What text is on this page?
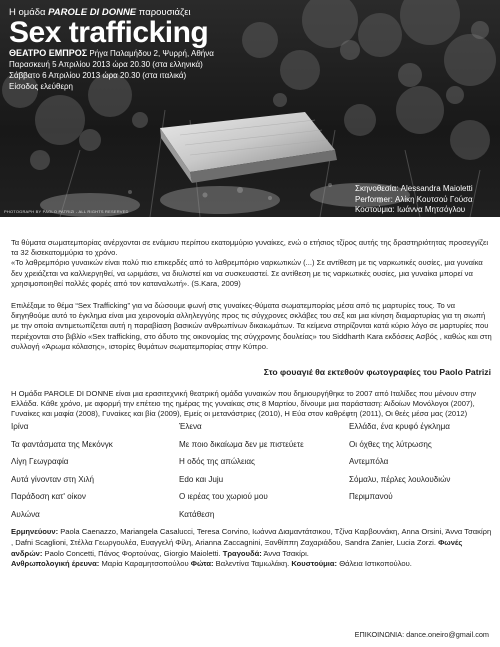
Η ομάδα PAROLE DI DONNE παρουσιάζει
Sex trafficking
ΘΕΑΤΡΟ ΕΜΠΡΟΣ Ρήγα Παλαμήδου 2, Ψυρρή, Αθήνα
Παρασκευή 5 Απριλίου 2013 ώρα 20.30 (στα ελληνικά)
Σάββατο 6 Απριλίου 2013 ώρα 20.30 (στα ιταλικά)
Είσοδος ελεύθερη
Σκηνοθεσία: Alessandra Maioletti
Performer: Αλίκη Κουτσού Γούσα
Κοστούμια: Ιωάννα Μητσόγλου
PHOTOGRAPH BY PAOLO PATRIZI - ALL RIGHTS RESERVED
Τα θύματα σωματεμπορίας ανέρχονται σε ενάμισυ περίπου εκατομμύριο γυναίκες, ενώ ο ετήσιος τζίρος αυτής της δραστηριότητας προσεγγίζει τα 32 δισεκατομμύρια το χρόνο.
«Το λαθρεμπόριο γυναικών είναι πολύ πιο επικερδές από το λαθρεμπόριο ναρκωτικών (...) Σε αντίθεση με τις ναρκωτικές ουσίες, μια γυναίκα δεν χρειάζεται να καλλιεργηθεί, να ωριμάσει, να διυλιστεί και να συσκευαστεί. Σε αντίθεση με τις ναρκωτικές ουσίες, μια γυναίκα μπορεί να χρησιμοποιηθεί πολλές φορές από τον καταναλωτή». (S.Kara, 2009)
Επιλέξαμε το θέμα “Sex Trafficking” για να δώσουμε φωνή στις γυναίκες-θύματα σωματεμπορίας μέσα από τις μαρτυρίες τους. Το να διηγηθούμε αυτό το έγκλημα είναι μια χειρονομία αλληλεγγύης προς τις σύγχρονες σκλάβες του σεξ και μια κίνηση διαμαρτυρίας για τη σιωπή με την οποία αντιμετωπίζεται αυτή η παραβίαση βασικών ανθρωπίνων δικαιωμάτων. Τα κείμενα στηρίζονται κατά κύριο λόγο σε μαρτυρίες που περιέχονται στο βιβλίο «Sex trafficking, στο άδυτο της οικονομίας της σύγχρονης δουλείας» του Siddharth Kara εκδόσεις Ασβός , καθώς και στη συλλογή «Άρωμα κόλασης», ιστορίες θυμάτων σωματεμπορίας στην Κύπρο.
Στο φουαγιέ θα εκτεθούν φωτογραφίες του Paolo Patrizi
Η Ομάδα PAROLE DI DONNE είναι μια ερασιτεχνική θεατρική ομάδα γυναικών που δημιουργήθηκε το 2007 από Ιταλίδες που μένουν στην Ελλάδα. Κάθε χρόνο, με αφορμή την επέτειο της ημέρας της γυναίκας στις 8 Μαρτίου, δίνουμε μια παράσταση: Αιδοίων Μονόλογοι (2007), Γυναίκες και μαφία (2008), Γυναίκες και βία (2009), Εμείς οι μετανάστριες (2010), Η Εύα στον καθρέφτη (2011), Οι θεές μέσα μας (2012)
Ιρίνα
Τα φαντάσματα της Μεκόνγκ
Λίγη Γεωγραφία
Αυτά γίνονταν στη Χιλή
Παράδοση κατ' οίκον
Αυλώνα
Έλενα
Με ποιο δικαίωμα δεν με πιστεύετε
Η οδός της απώλειας
Edo και Juju
Ο ιερέας του χωριού μου
Κατάθεση
Ελλάδα, ένα κρυφό έγκλημα
Οι όχθες της λύτρωσης
Αντεμπόλα
Σόμαλυ, πέρλες λουλουδιών
Περιμπανού
Ερμηνεύουν: Paola Caenazzo, Mariangela Casalucci, Teresa Corvino, Ιωάννα Διαμαντάτσικου, Τζίνα Καρβουνάκη, Anna Orsini, Άννα Τσακίρη , Dafni Scaglioni, Στέλλα Γεωργουλέα, Ευαγγελή Φίλη, Arianna Zaccagnini, Ξανθίππη Ζαχαριάδου, Sandra Zanier, Lucia Zorzi. Φωνές ανδρών: Paolo Concetti, Πάνος Φορτούνας, Giorgio Maioletti. Τραγουδά: Άννα Τσακίρι.
Ανθρωπολογική έρευνα: Μαρία Καραμητσοπούλου Φώτα: Βαλεντίνα Ταμιωλάκη. Κουστούμια: Θάλεια Ιστικοπούλου.
ΕΠΙΚΟΙΝΩΝΙΑ: dance.oneiro@gmail.com
